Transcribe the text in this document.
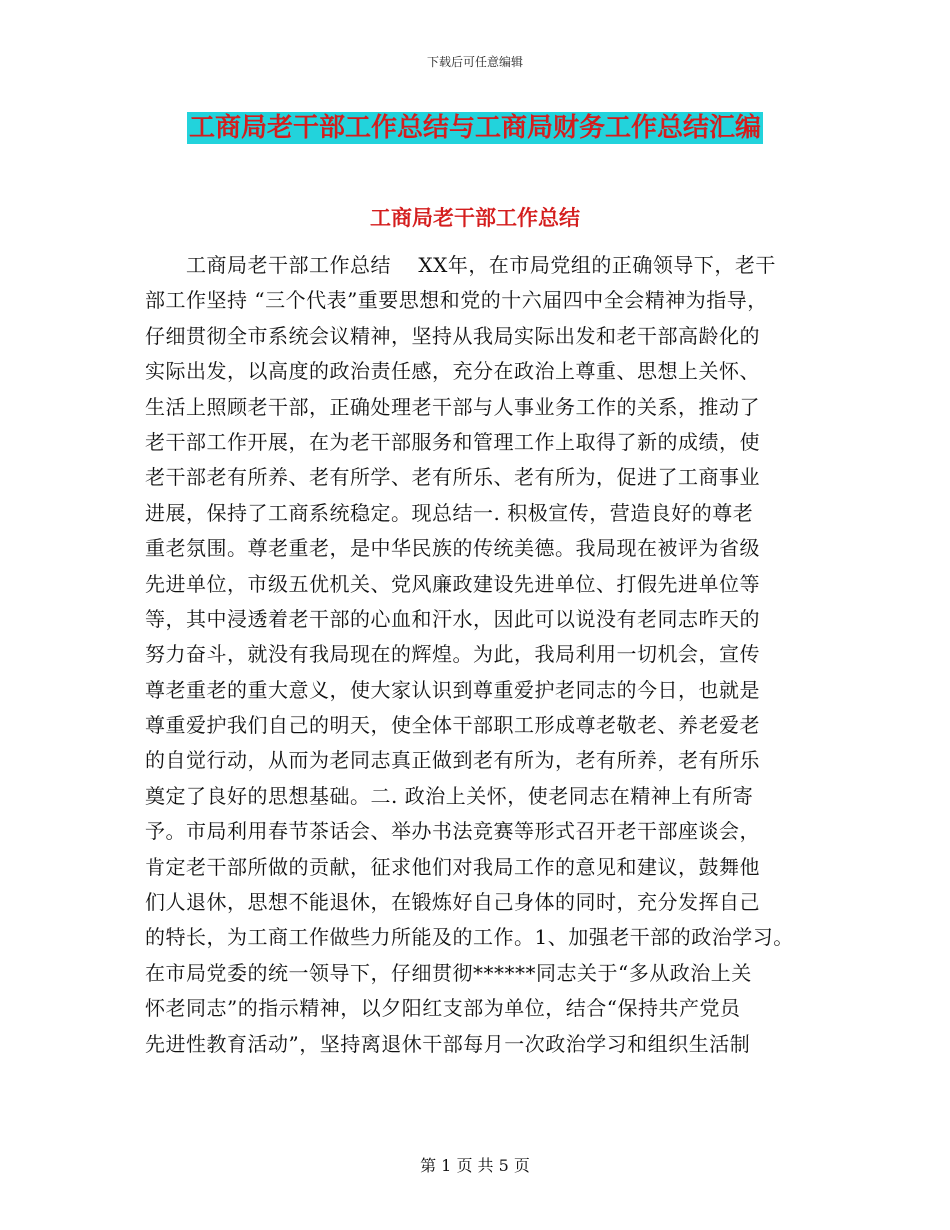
下载后可任意编辑
工商局老干部工作总结与工商局财务工作总结汇编
工商局老干部工作总结
　　工商局老干部工作总结　 XX年，在市局党组的正确领导下，老干
部工作坚持 “三个代表”重要思想和党的十六届四中全会精神为指导，
仔细贯彻全市系统会议精神，坚持从我局实际出发和老干部高龄化的
实际出发，以高度的政治责任感，充分在政治上尊重、思想上关怀、
生活上照顾老干部，正确处理老干部与人事业务工作的关系，推动了
老干部工作开展，在为老干部服务和管理工作上取得了新的成绩，使
老干部老有所养、老有所学、老有所乐、老有所为，促进了工商事业
进展，保持了工商系统稳定。现总结一. 积极宣传，营造良好的尊老
重老氛围。尊老重老，是中华民族的传统美德。我局现在被评为省级
先进单位，市级五优机关、党风廉政建设先进单位、打假先进单位等
等，其中浸透着老干部的心血和汗水，因此可以说没有老同志昨天的
努力奋斗，就没有我局现在的辉煌。为此，我局利用一切机会，宣传
尊老重老的重大意义，使大家认识到尊重爱护老同志的今日，也就是
尊重爱护我们自己的明天，使全体干部职工形成尊老敬老、养老爱老
的自觉行动，从而为老同志真正做到老有所为，老有所养，老有所乐
奠定了良好的思想基础。二. 政治上关怀，使老同志在精神上有所寄
予。市局利用春节茶话会、举办书法竞赛等形式召开老干部座谈会，
肯定老干部所做的贡献，征求他们对我局工作的意见和建议，鼓舞他
们人退休，思想不能退休，在锻炼好自己身体的同时，充分发挥自己
的特长，为工商工作做些力所能及的工作。1、加强老干部的政治学习。
在市局党委的统一领导下，仔细贯彻******同志关于“多从政治上关
怀老同志”的指示精神，以夕阳红支部为单位，结合“保持共产党员
先进性教育活动”，坚持离退休干部每月一次政治学习和组织生活制
第 1 页 共 5 页
